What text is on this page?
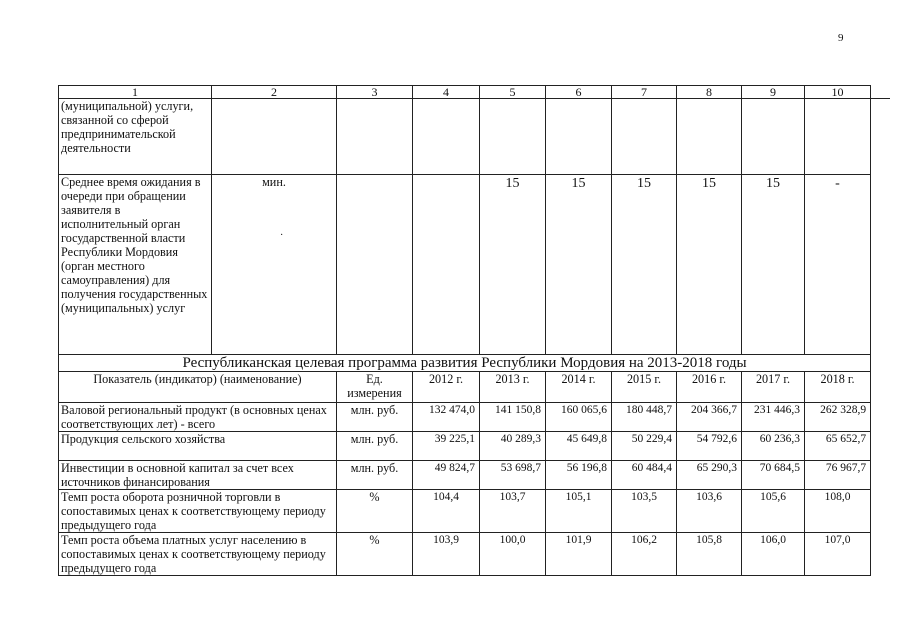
9
1	2	3	4	5	6	7	8	9	10
(муниципальной) услуги, связанной со сферой предпринимательской деятельности									
Среднее время ожидания в очереди при обращении заявителя в исполнительный орган государственной власти Республики Мордовия (орган местного самоуправления) для получения государственных (муниципальных) услуг	мин.			15	15	15	15	15	-
·
Республиканская целевая программа развития Республики Мордовия на 2013-2018 годы								
Показатель (индикатор) (наименование)	Ед. измерения	2012 г.	2013 г.	2014 г.	2015 г.	2016 г.	2017 г.	2018 г.
Валовой региональный продукт (в основных ценах соответствующих лет) - всего	млн. руб.	132 474,0	141 150,8	160 065,6	180 448,7	204 366,7	231 446,3	262 328,9
Продукция сельского хозяйства	млн. руб.	39 225,1	40 289,3	45 649,8	50 229,4	54 792,6	60 236,3	65 652,7
Инвестиции в основной капитал за счет всех источников финансирования	млн. руб.	49 824,7	53 698,7	56 196,8	60 484,4	65 290,3	70 684,5	76 967,7
Темп роста оборота розничной торговли в сопоставимых ценах к соответствующему периоду предыдущего года	%	104,4	103,7	105,1	103,5	103,6	105,6	108,0
Темп роста объема платных услуг населению в сопоставимых ценах к соответствующему периоду предыдущего года	%	103,9	100,0	101,9	106,2	105,8	106,0	107,0
